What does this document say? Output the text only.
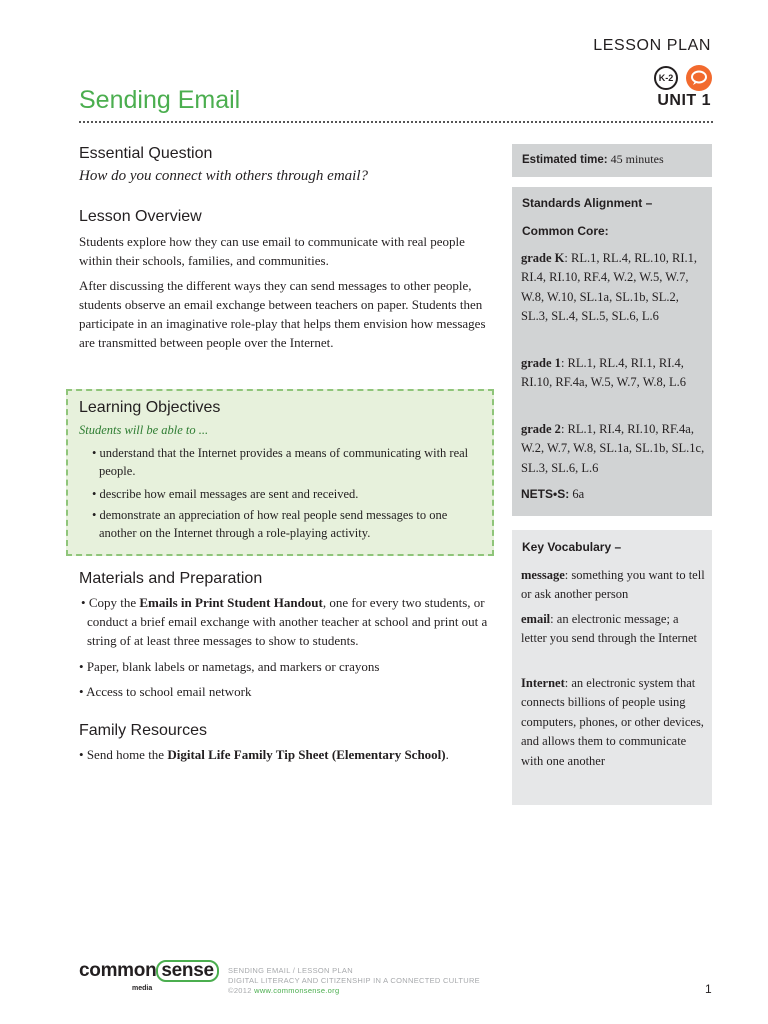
LESSON PLAN
K-2
Sending Email	UNIT 1
Essential Question
How do you connect with others through email?
Lesson Overview
Students explore how they can use email to communicate with real people within their schools, families, and communities.
After discussing the different ways they can send messages to other people, students observe an email exchange between teachers on paper. Students then participate in an imaginative role-play that helps them envision how messages are transmitted between people over the Internet.
Learning Objectives
Students will be able to ...
• understand that the Internet provides a means of communicating with real people.
• describe how email messages are sent and received.
• demonstrate an appreciation of how real people send messages to one another on the Internet through a role-playing activity.
Materials and Preparation
• Copy the Emails in Print Student Handout, one for every two students, or conduct a brief email exchange with another teacher at school and print out a string of at least three messages to show to students.
• Paper, blank labels or nametags, and markers or crayons
• Access to school email network
Family Resources
• Send home the Digital Life Family Tip Sheet (Elementary School).
Estimated time: 45 minutes
Standards Alignment –
Common Core:
grade K: RL.1, RL.4, RL.10, RI.1, RI.4, RI.10, RF.4, W.2, W.5, W.7, W.8, W.10, SL.1a, SL.1b, SL.2, SL.3, SL.4, SL.5, SL.6, L.6
grade 1: RL.1, RL.4, RI.1, RI.4, RI.10, RF.4a, W.5, W.7, W.8, L.6
grade 2: RL.1, RI.4, RI.10, RF.4a, W.2, W.7, W.8, SL.1a, SL.1b, SL.1c, SL.3, SL.6, L.6
NETS•S: 6a
Key Vocabulary –
message: something you want to tell or ask another person
email: an electronic message; a letter you send through the Internet
Internet: an electronic system that connects billions of people using computers, phones, or other devices, and allows them to communicate with one another
common sense
media
SENDING EMAIL / LESSON PLAN
DIGITAL LITERACY AND CITIZENSHIP IN A CONNECTED CULTURE
©2012 www.commonsense.org	1
